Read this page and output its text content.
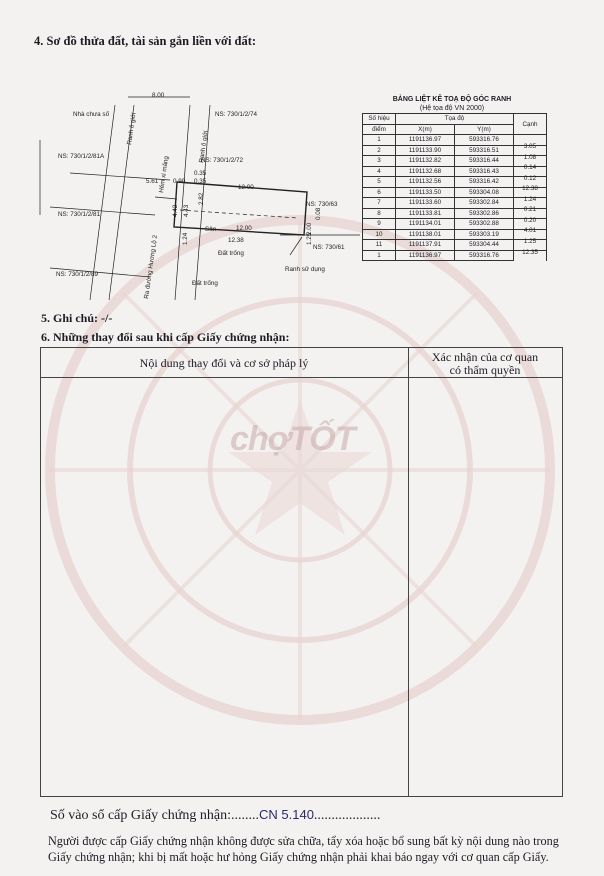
4. Sơ đồ thửa đất, tài sản gắn liền với đất:
8.00
Nhà chưa số	NS: 730/1/2/74
NS: 730/1/2/72
NS: 730/1/2/81A
NS: 730/1/2/81
NS: 730/1/2/89
NS: 730/63
NS: 730/61
5.61 0.90
0.35
0.35
12.00
12.00
12.38
Sân
Đất trống
Đất trống
Ranh sử dụng
4.42 4.43
2.82
1.24
0.08
2.00
1.25
Ranh ô giới
Ranh ô giới
Hẻm xi măng
Ra đường Hương Lộ 2
BẢNG LIỆT KÊ TOẠ ĐỘ GÓC RANH
(Hệ tọa độ VN 2000)
Số hiệu	Tọa độ		Cạnh
điểm	X(m)	Y(m)	
1	1191136.97	593316.76	
2	1191133.90	593316.51	3.05
3	1191132.82	593316.44	1.08
4	1191132.68	593316.43	0.14
5	1191132.56	593316.42	0.12
6	1191133.50	593304.08	12.38
7	1191133.60	593302.84	1.24
8	1191133.81	593302.86	0.21
9	1191134.01	593302.88	0.20
10	1191138.01	593303.19	4.01
11	1191137.91	593304.44	1.25
1	1191136.97	593316.76	12.35
chợTỐT
5. Ghi chú: -/-
6. Những thay đổi sau khi cấp Giấy chứng nhận:
Nội dung thay đổi và cơ sở pháp lý	Xác nhận của cơ quan
có thẩm quyền
Số vào sổ cấp Giấy chứng nhận:........CN 5.140...................
Người được cấp Giấy chứng nhận không được sửa chữa, tẩy xóa hoặc bổ sung bất kỳ nội dung nào trong Giấy chứng nhận; khi bị mất hoặc hư hỏng Giấy chứng nhận phải khai báo ngay với cơ quan cấp Giấy.
